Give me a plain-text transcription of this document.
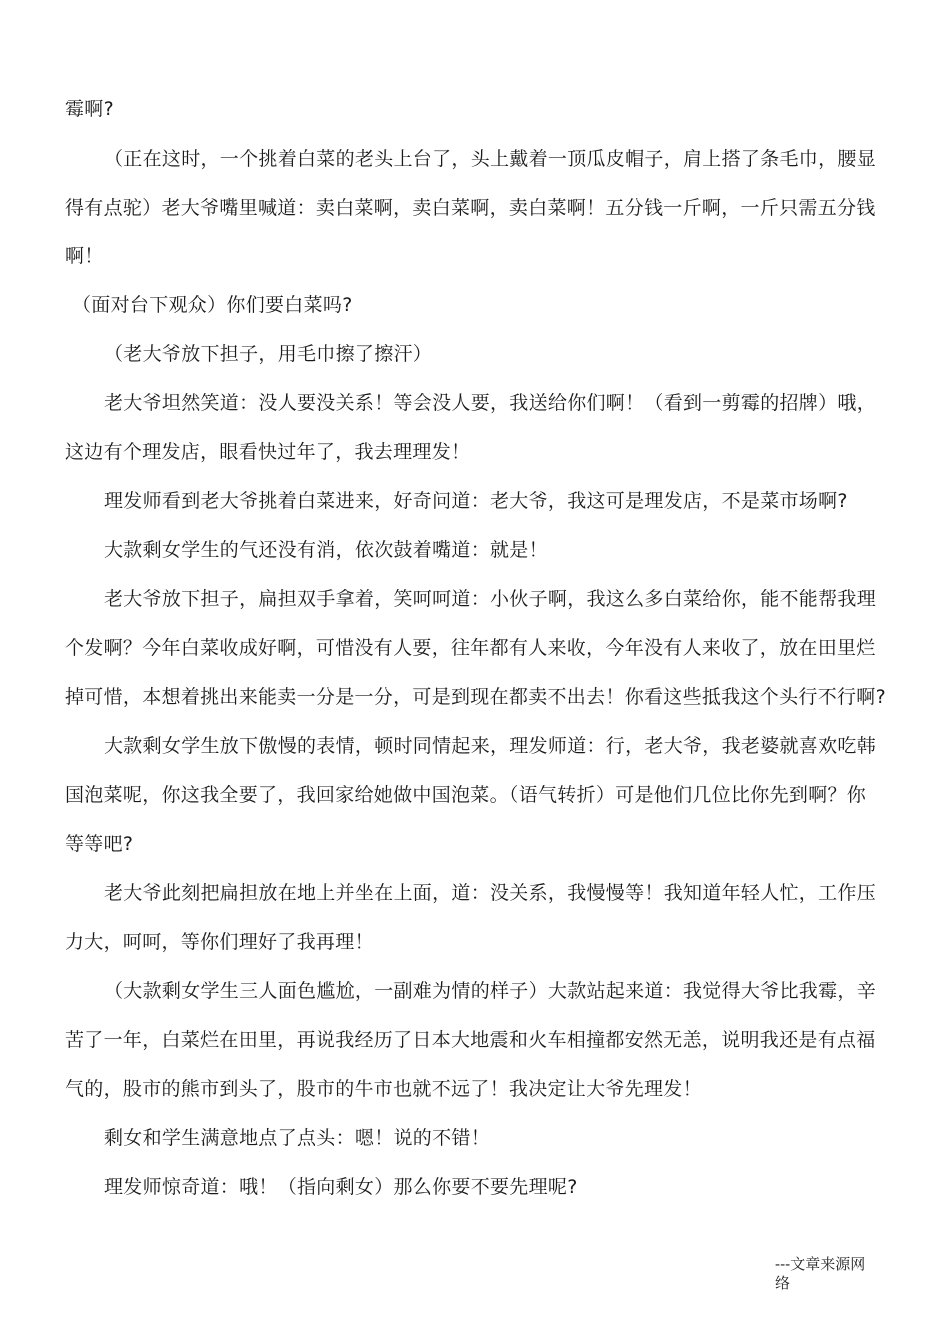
霉啊?
（正在这时，一个挑着白菜的老头上台了，头上戴着一顶瓜皮帽子，肩上搭了条毛巾，腰显
得有点驼）老大爷嘴里喊道：卖白菜啊，卖白菜啊，卖白菜啊！五分钱一斤啊，一斤只需五分钱
啊！
（面对台下观众）你们要白菜吗?
（老大爷放下担子，用毛巾擦了擦汗）
老大爷坦然笑道：没人要没关系！等会没人要，我送给你们啊！（看到一剪霉的招牌）哦，
这边有个理发店，眼看快过年了，我去理理发！
理发师看到老大爷挑着白菜进来，好奇问道：老大爷，我这可是理发店，不是菜市场啊?
大款剩女学生的气还没有消，依次鼓着嘴道：就是！
老大爷放下担子，扁担双手拿着，笑呵呵道：小伙子啊，我这么多白菜给你，能不能帮我理
个发啊？今年白菜收成好啊，可惜没有人要，往年都有人来收，今年没有人来收了，放在田里烂
掉可惜，本想着挑出来能卖一分是一分，可是到现在都卖不出去！你看这些抵我这个头行不行啊?
大款剩女学生放下傲慢的表情，顿时同情起来，理发师道：行，老大爷，我老婆就喜欢吃韩
国泡菜呢，你这我全要了，我回家给她做中国泡菜。（语气转折）可是他们几位比你先到啊？你
等等吧?
老大爷此刻把扁担放在地上并坐在上面，道：没关系，我慢慢等！我知道年轻人忙，工作压
力大，呵呵，等你们理好了我再理！
（大款剩女学生三人面色尴尬，一副难为情的样子）大款站起来道：我觉得大爷比我霉，辛
苦了一年，白菜烂在田里，再说我经历了日本大地震和火车相撞都安然无恙，说明我还是有点福
气的，股市的熊市到头了，股市的牛市也就不远了！我决定让大爷先理发！
剩女和学生满意地点了点头：嗯！说的不错！
理发师惊奇道：哦！（指向剩女）那么你要不要先理呢?
---文章来源网
络
